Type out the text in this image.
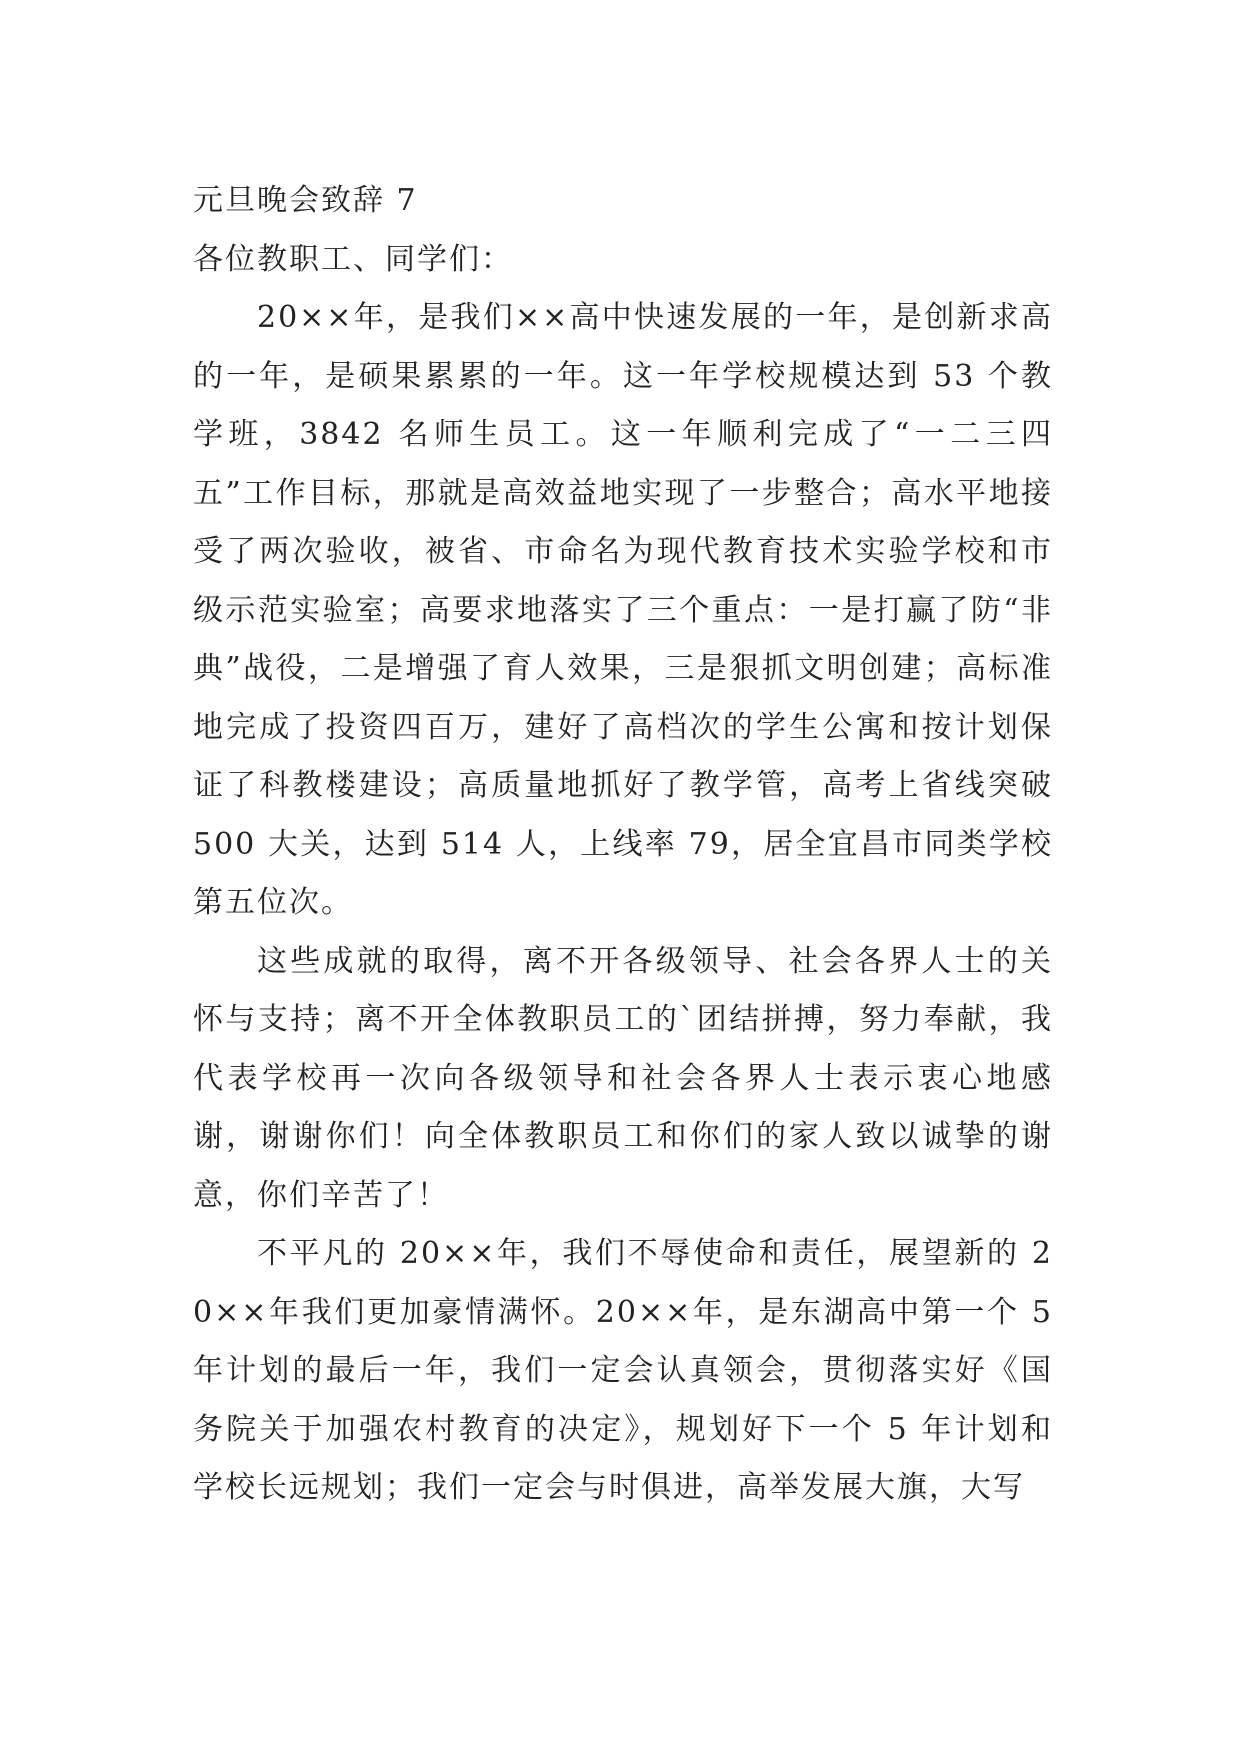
元旦晚会致辞 7

各位教职工、同学们：

20××年，是我们××高中快速发展的一年，是创新求高的一年，是硕果累累的一年。这一年学校规模达到 53 个教学班，3842 名师生员工。这一年顺利完成了“一二三四五”工作目标，那就是高效益地实现了一步整合；高水平地接受了两次验收，被省、市命名为现代教育技术实验学校和市级示范实验室；高要求地落实了三个重点：一是打赢了防“非典”战役，二是增强了育人效果，三是狠抓文明创建；高标准地完成了投资四百万，建好了高档次的学生公寓和按计划保证了科教楼建设；高质量地抓好了教学管，高考上省线突破 500 大关，达到 514 人，上线率 79，居全宜昌市同类学校第五位次。

这些成就的取得，离不开各级领导、社会各界人士的关怀与支持；离不开全体教职员工的`团结拼搏，努力奉献，我代表学校再一次向各级领导和社会各界人士表示衷心地感谢，谢谢你们！向全体教职员工和你们的家人致以诚挚的谢意，你们辛苦了！

不平凡的 20××年，我们不辱使命和责任，展望新的 20××年我们更加豪情满怀。20××年，是东湖高中第一个 5 年计划的最后一年，我们一定会认真领会，贯彻落实好《国务院关于加强农村教育的决定》，规划好下一个 5 年计划和学校长远规划；我们一定会与时俱进，高举发展大旗，大写
